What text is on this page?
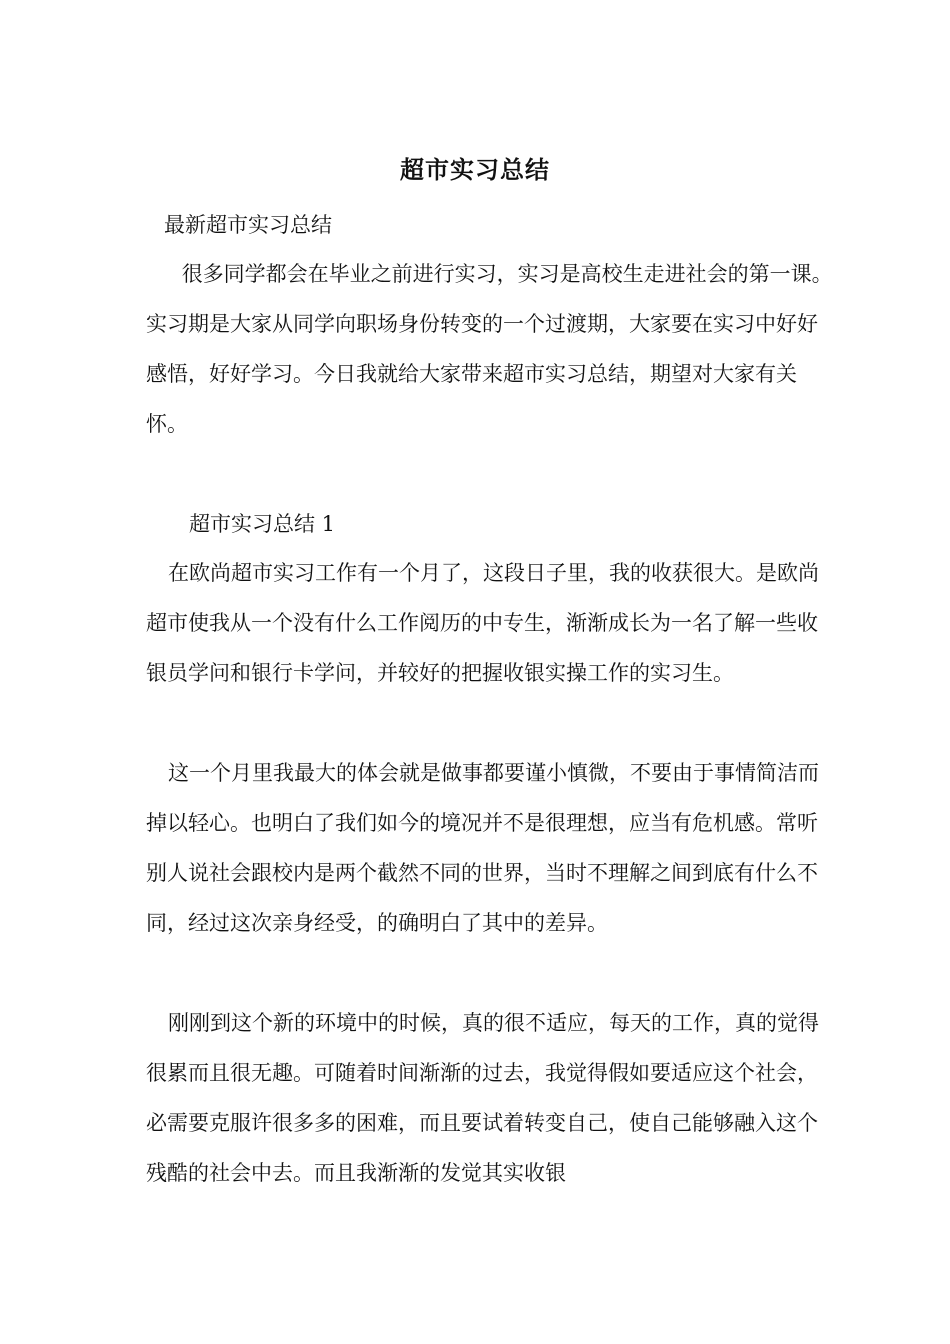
超市实习总结
最新超市实习总结

很多同学都会在毕业之前进行实习，实习是高校生走进社会的第一课。实习期是大家从同学向职场身份转变的一个过渡期，大家要在实习中好好感悟，好好学习。今日我就给大家带来超市实习总结，期望对大家有关怀。

超市实习总结 1

在欧尚超市实习工作有一个月了，这段日子里，我的收获很大。是欧尚超市使我从一个没有什么工作阅历的中专生，渐渐成长为一名了解一些收银员学问和银行卡学问，并较好的把握收银实操工作的实习生。

这一个月里我最大的体会就是做事都要谨小慎微，不要由于事情简洁而掉以轻心。也明白了我们如今的境况并不是很理想，应当有危机感。常听别人说社会跟校内是两个截然不同的世界，当时不理解之间到底有什么不同，经过这次亲身经受，的确明白了其中的差异。

刚刚到这个新的环境中的时候，真的很不适应，每天的工作，真的觉得很累而且很无趣。可随着时间渐渐的过去，我觉得假如要适应这个社会，必需要克服许很多多的困难，而且要试着转变自己，使自己能够融入这个残酷的社会中去。而且我渐渐的发觉其实收银
